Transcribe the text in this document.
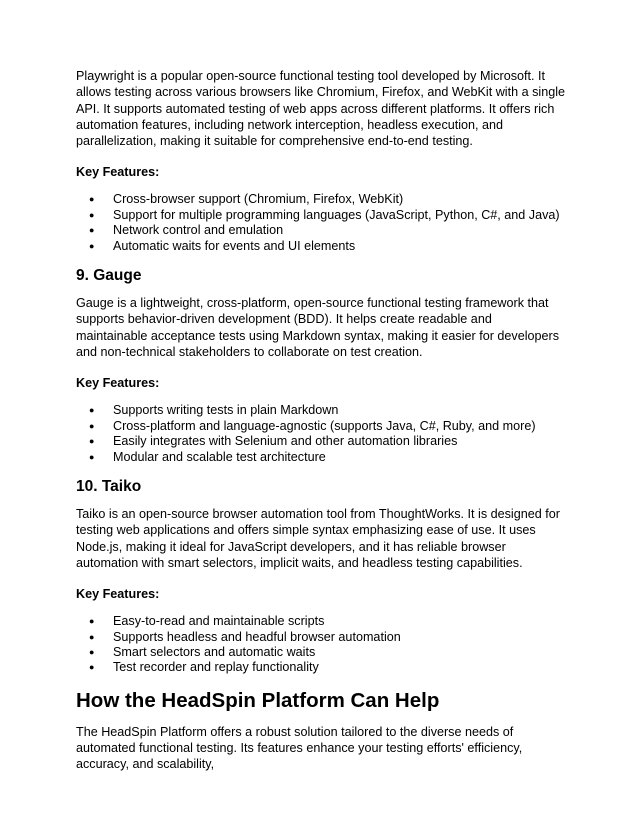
Playwright is a popular open-source functional testing tool developed by Microsoft. It allows testing across various browsers like Chromium, Firefox, and WebKit with a single API. It supports automated testing of web apps across different platforms. It offers rich automation features, including network interception, headless execution, and parallelization, making it suitable for comprehensive end-to-end testing.

Key Features:

● Cross-browser support (Chromium, Firefox, WebKit)
● Support for multiple programming languages (JavaScript, Python, C#, and Java)
● Network control and emulation
● Automatic waits for events and UI elements
9. Gauge

Gauge is a lightweight, cross-platform, open-source functional testing framework that supports behavior-driven development (BDD). It helps create readable and maintainable acceptance tests using Markdown syntax, making it easier for developers and non-technical stakeholders to collaborate on test creation.

Key Features:

● Supports writing tests in plain Markdown
● Cross-platform and language-agnostic (supports Java, C#, Ruby, and more)
● Easily integrates with Selenium and other automation libraries
● Modular and scalable test architecture
10. Taiko

Taiko is an open-source browser automation tool from ThoughtWorks. It is designed for testing web applications and offers simple syntax emphasizing ease of use. It uses Node.js, making it ideal for JavaScript developers, and it has reliable browser automation with smart selectors, implicit waits, and headless testing capabilities.

Key Features:

● Easy-to-read and maintainable scripts
● Supports headless and headful browser automation
● Smart selectors and automatic waits
● Test recorder and replay functionality
How the HeadSpin Platform Can Help

The HeadSpin Platform offers a robust solution tailored to the diverse needs of automated functional testing. Its features enhance your testing efforts' efficiency, accuracy, and scalability,
